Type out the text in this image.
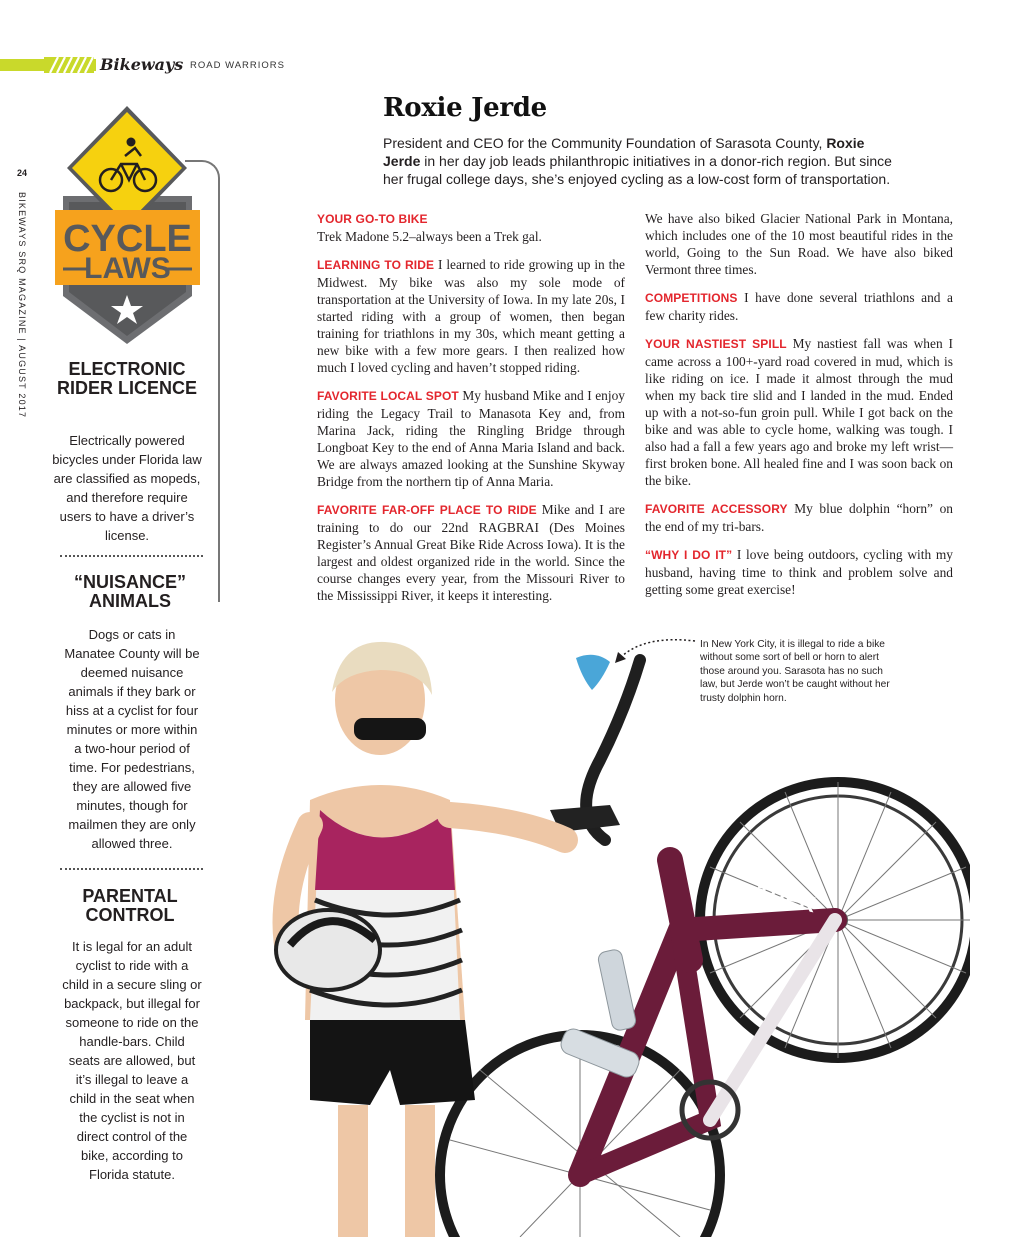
Bikeways ROAD WARRIORS
24
BIKEWAYS SRQ MAGAZINE | AUGUST 2017 CYCLE
LAWS
ELECTRONIC RIDER LICENCE
Electrically powered bicycles under Florida law are classified as mopeds, and therefore require users to have a driver’s license.
“NUISANCE” ANIMALS
Dogs or cats in Manatee County will be deemed nuisance animals if they bark or hiss at a cyclist for four minutes or more within a two-hour period of time. For pedestrians, they are allowed five minutes, though for mailmen they are only allowed three.
PARENTAL CONTROL
It is legal for an adult cyclist to ride with a child in a secure sling or backpack, but illegal for someone to ride on the handle-bars. Child seats are allowed, but it’s illegal to leave a child in the seat when the cyclist is not in direct control of the bike, according to Florida statute.
Roxie Jerde
President and CEO for the Community Foundation of Sarasota County, Roxie Jerde in her day job leads philanthropic initiatives in a donor-rich region. But since her frugal college days, she’s enjoyed cycling as a low-cost form of transportation.

YOUR GO-TO BIKE
Trek Madone 5.2–always been a Trek gal.

LEARNING TO RIDE I learned to ride growing up in the Midwest. My bike was also my sole mode of transportation at the University of Iowa. In my late 20s, I started riding with a group of women, then began training for triathlons in my 30s, which meant getting a new bike with a few more gears. I then realized how much I loved cycling and haven’t stopped riding.

FAVORITE LOCAL SPOT My husband Mike and I enjoy riding the Legacy Trail to Manasota Key and, from Marina Jack, riding the Ringling Bridge through Longboat Key to the end of Anna Maria Island and back. We are always amazed looking at the Sunshine Skyway Bridge from the northern tip of Anna Maria.

FAVORITE FAR-OFF PLACE TO RIDE Mike and I are training to do our 22nd RAGBRAI (Des Moines Register’s Annual Great Bike Ride Across Iowa). It is the largest and oldest organized ride in the world. Since the course changes every year, from the Missouri River to the Mississippi River, it keeps it interesting.

We have also biked Glacier National Park in Montana, which includes one of the 10 most beautiful rides in the world, Going to the Sun Road. We have also biked Vermont three times.

COMPETITIONS I have done several triathlons and a few charity rides.

YOUR NASTIEST SPILL My nastiest fall was when I came across a 100+-yard road covered in mud, which is like riding on ice. I made it almost through the mud when my back tire slid and I landed in the mud. Ended up with a not-so-fun groin pull. While I got back on the bike and was able to cycle home, walking was tough. I also had a fall a few years ago and broke my left wrist—first broken bone. All healed fine and I was soon back on the bike.

FAVORITE ACCESSORY My blue dolphin “horn” on the end of my tri-bars.

“WHY I DO IT” I love being outdoors, cycling with my husband, having time to think and problem solve and getting some great exercise!

In New York City, it is illegal to ride a bike without some sort of bell or horn to alert those around you. Sarasota has no such law, but Jerde won’t be caught without her trusty dolphin horn.
TREK
